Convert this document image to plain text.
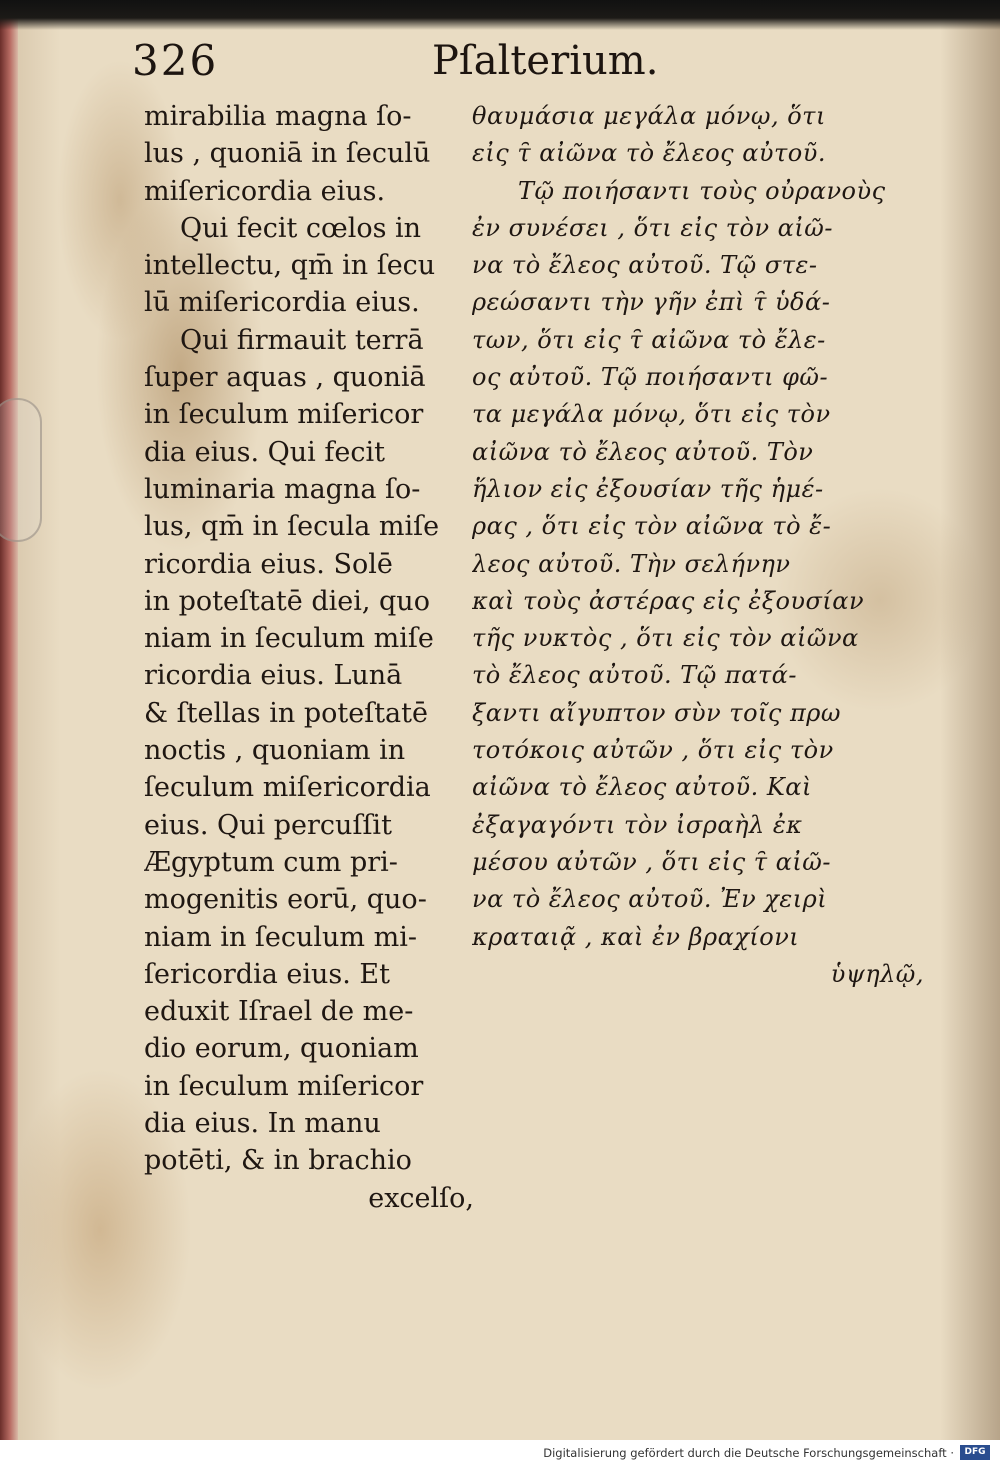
326	Pſalterium.
mirabilia magna ſo-
lus , quoniā in ſeculū
miſericordia eius.
Qui fecit cœlos in
intellectu, qm̄ in ſecu
lū miſericordia eius.
Qui firmauit terrā
ſuper aquas , quoniā
in ſeculum miſericor
dia eius. Qui fecit
luminaria magna ſo-
lus, qm̄ in ſecula miſe
ricordia eius. Solē
in poteſtatē diei, quo
niam in ſeculum miſe
ricordia eius. Lunā
& ſtellas in poteſtatē
noctis , quoniam in
ſeculum miſericordia
eius. Qui percuſſit
Ægyptum cum pri-
mogenitis eorū, quo-
niam in ſeculum mi-
ſericordia eius. Et
eduxit Iſrael de me-
dio eorum, quoniam
in ſeculum miſericor
dia eius. In manu
potēti, & in brachio
excelſo,
θαυμάσια μεγάλα μόνῳ, ὅτι
εἰς τ̑ αἰῶνα τὸ ἔλεος αὐτοῦ.
Τῷ ποιήσαντι τοὺς οὐρανοὺς
ἐν συνέσει , ὅτι εἰς τὸν αἰῶ-
να τὸ ἔλεος αὐτοῦ. Τῷ στε-
ρεώσαντι τὴν γῆν ἐπὶ τ̑ ὑδά-
των, ὅτι εἰς τ̑ αἰῶνα τὸ ἔλε-
ος αὐτοῦ. Τῷ ποιήσαντι φῶ-
τα μεγάλα μόνῳ, ὅτι εἰς τὸν
αἰῶνα τὸ ἔλεος αὐτοῦ. Τὸν
ἥλιον εἰς ἐξουσίαν τῆς ἡμέ-
ρας , ὅτι εἰς τὸν αἰῶνα τὸ ἔ-
λεος αὐτοῦ. Τὴν σελήνην
καὶ τοὺς ἀστέρας εἰς ἐξουσίαν
τῆς νυκτὸς , ὅτι εἰς τὸν αἰῶνα
τὸ ἔλεος αὐτοῦ. Τῷ πατά-
ξαντι αἴγυπτον σὺν τοῖς πρω
τοτόκοις αὐτῶν , ὅτι εἰς τὸν
αἰῶνα τὸ ἔλεος αὐτοῦ. Καὶ
ἐξαγαγόντι τὸν ἰσραὴλ ἐκ
μέσου αὐτῶν , ὅτι εἰς τ̑ αἰῶ-
να τὸ ἔλεος αὐτοῦ. Ἐν χειρὶ
κραταιᾷ , καὶ ἐν βραχίονι
ὑψηλῷ,
Digitalisierung gefördert durch die Deutsche Forschungsgemeinschaft ·	DFG
